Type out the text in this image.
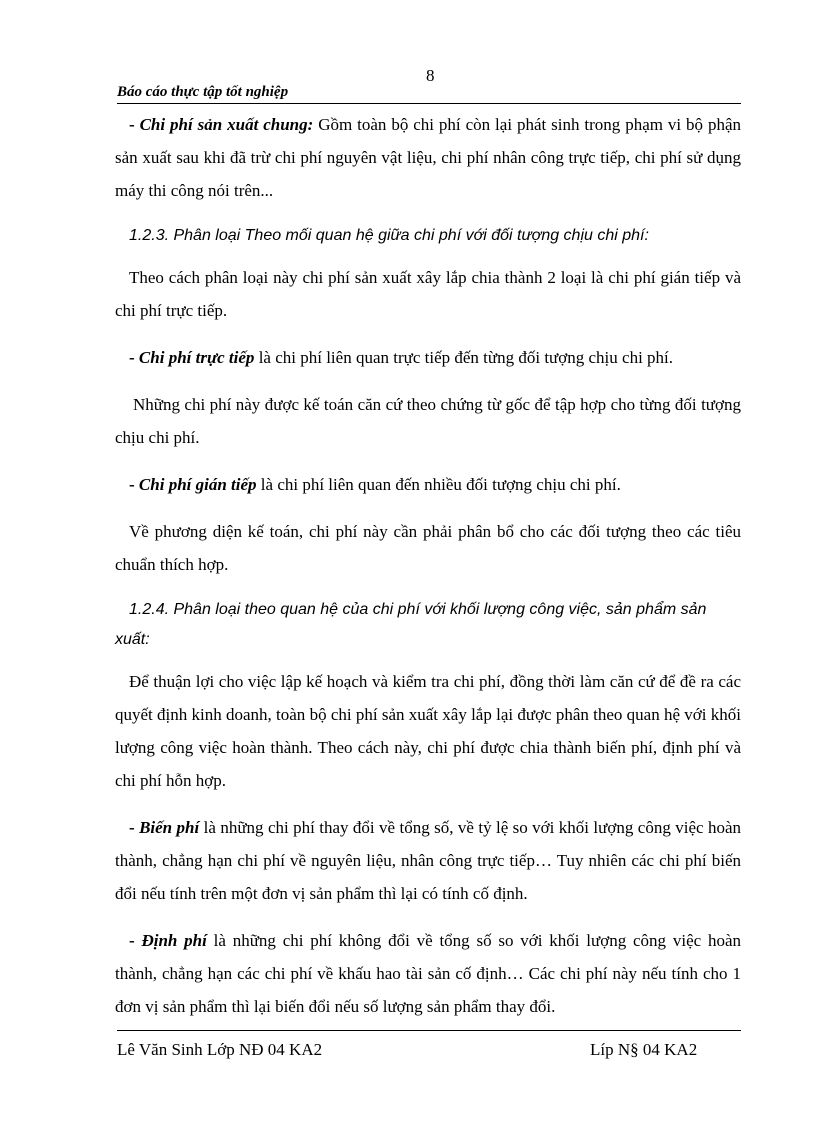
8
Báo cáo thực tập tốt nghiệp

- Chi phí sản xuất chung: Gồm toàn bộ chi phí còn lại phát sinh trong phạm vi bộ phận sản xuất sau khi đã trừ chi phí nguyên vật liệu, chi phí nhân công trực tiếp, chi phí sử dụng máy thi công nói trên...

1.2.3. Phân loại Theo mối quan hệ giữa chi phí với đối tượng chịu chi phí:

Theo cách phân loại này chi phí sản xuất xây lắp chia thành 2 loại là chi phí gián tiếp và chi phí trực tiếp.

- Chi phí trực tiếp là chi phí liên quan trực tiếp đến từng đối tượng chịu chi phí.

Những chi phí này được kế toán căn cứ theo chứng từ gốc để tập hợp cho từng đối tượng chịu chi phí.

- Chi phí gián tiếp là chi phí liên quan đến nhiều đối tượng chịu chi phí.

Về phương diện kế toán, chi phí này cần phải phân bổ cho các đối tượng theo các tiêu chuẩn thích hợp.

1.2.4. Phân loại theo quan hệ của chi phí với khối lượng công việc, sản phẩm sản xuất:

Để thuận lợi cho việc lập kế hoạch và kiểm tra chi phí, đồng thời làm căn cứ để đề ra các quyết định kinh doanh, toàn bộ chi phí sản xuất xây lắp lại được phân theo quan hệ với khối lượng công việc hoàn thành. Theo cách này, chi phí được chia thành biến phí, định phí và chi phí hỗn hợp.

- Biến phí là những chi phí thay đổi về tổng số, về tỷ lệ so với khối lượng công việc hoàn thành, chẳng hạn chi phí về nguyên liệu, nhân công trực tiếp… Tuy nhiên các chi phí biến đổi nếu tính trên một đơn vị sản phẩm thì lại có tính cố định.

- Định phí là những chi phí không đổi về tổng số so với khối lượng công việc hoàn thành, chẳng hạn các chi phí về khấu hao tài sản cố định… Các chi phí này nếu tính cho 1 đơn vị sản phẩm thì lại biến đổi nếu số lượng sản phẩm thay đổi.

Lê Văn Sinh Lớp NĐ 04 KA2	Líp N§ 04 KA2
